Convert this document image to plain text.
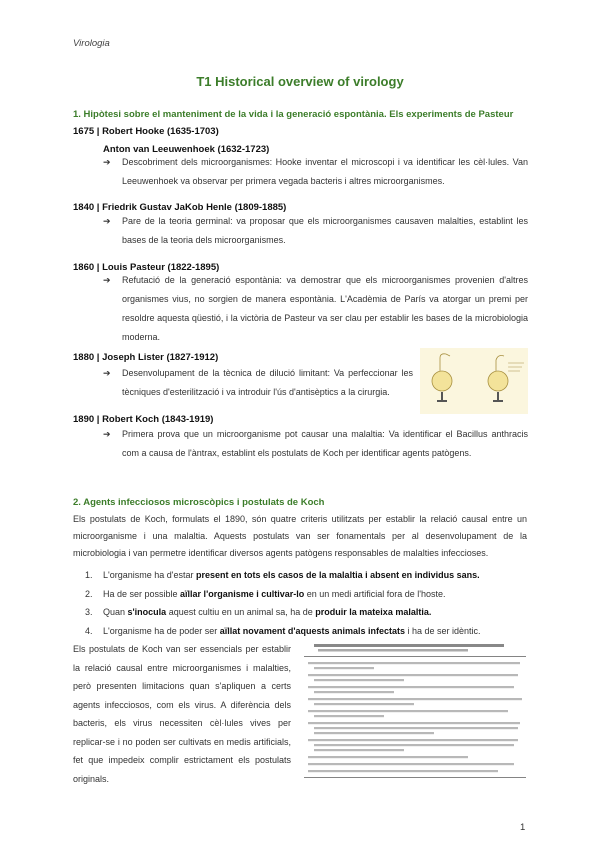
Virologia
T1 Historical overview of virology
1. Hipòtesi sobre el manteniment de la vida i la generació espontània. Els experiments de Pasteur
1675 | Robert Hooke (1635-1703)
Anton van Leeuwenhoek (1632-1723)
➔	Descobriment dels microorganismes: Hooke inventar el microscopi i va identificar les cèl·lules. Van Leeuwenhoek va observar per primera vegada bacteris i altres microorganismes.
1840 | Friedrik Gustav JaKob Henle (1809-1885)
➔	Pare de la teoria germinal: va proposar que els microorganismes causaven malalties, establint les bases de la teoria dels microorganismes.
1860 | Louis Pasteur (1822-1895)
➔	Refutació de la generació espontània: va demostrar que els microorganismes provenien d'altres organismes vius, no sorgien de manera espontània. L'Acadèmia de París va atorgar un premi per resoldre aquesta qüestió, i la victòria de Pasteur va ser clau per establir les bases de la microbiologia moderna.
1880 | Joseph Lister (1827-1912)
➔	Desenvolupament de la tècnica de dilució limitant: Va perfeccionar les tècniques d'esterilització i va introduir l'ús d'antisèptics a la cirurgia.
1890 | Robert Koch (1843-1919)
➔	Primera prova que un microorganisme pot causar una malaltia: Va identificar el Bacillus anthracis com a causa de l'àntrax, establint els postulats de Koch per identificar agents patògens.
2. Agents infecciosos microscòpics i postulats de Koch
Els postulats de Koch, formulats el 1890, són quatre criteris utilitzats per establir la relació causal entre un microorganisme i una malaltia. Aquests postulats van ser fonamentals per al desenvolupament de la microbiologia i van permetre identificar diversos agents patògens responsables de malalties infeccioses.
1. L'organisme ha d'estar present en tots els casos de la malaltia i absent en individus sans.
2. Ha de ser possible aïllar l'organisme i cultivar-lo en un medi artificial fora de l'hoste.
3. Quan s'inocula aquest cultiu en un animal sa, ha de produir la mateixa malaltia.
4. L'organisme ha de poder ser aïllat novament d'aquests animals infectats i ha de ser idèntic.
Els postulats de Koch van ser essencials per establir la relació causal entre microorganismes i malalties, però presenten limitacions quan s'apliquen a certs agents infecciosos, com els virus. A diferència dels bacteris, els virus necessiten cèl·lules vives per replicar-se i no poden ser cultivats en medis artificials, fet que impedeix complir estrictament els postulats originals.
1
